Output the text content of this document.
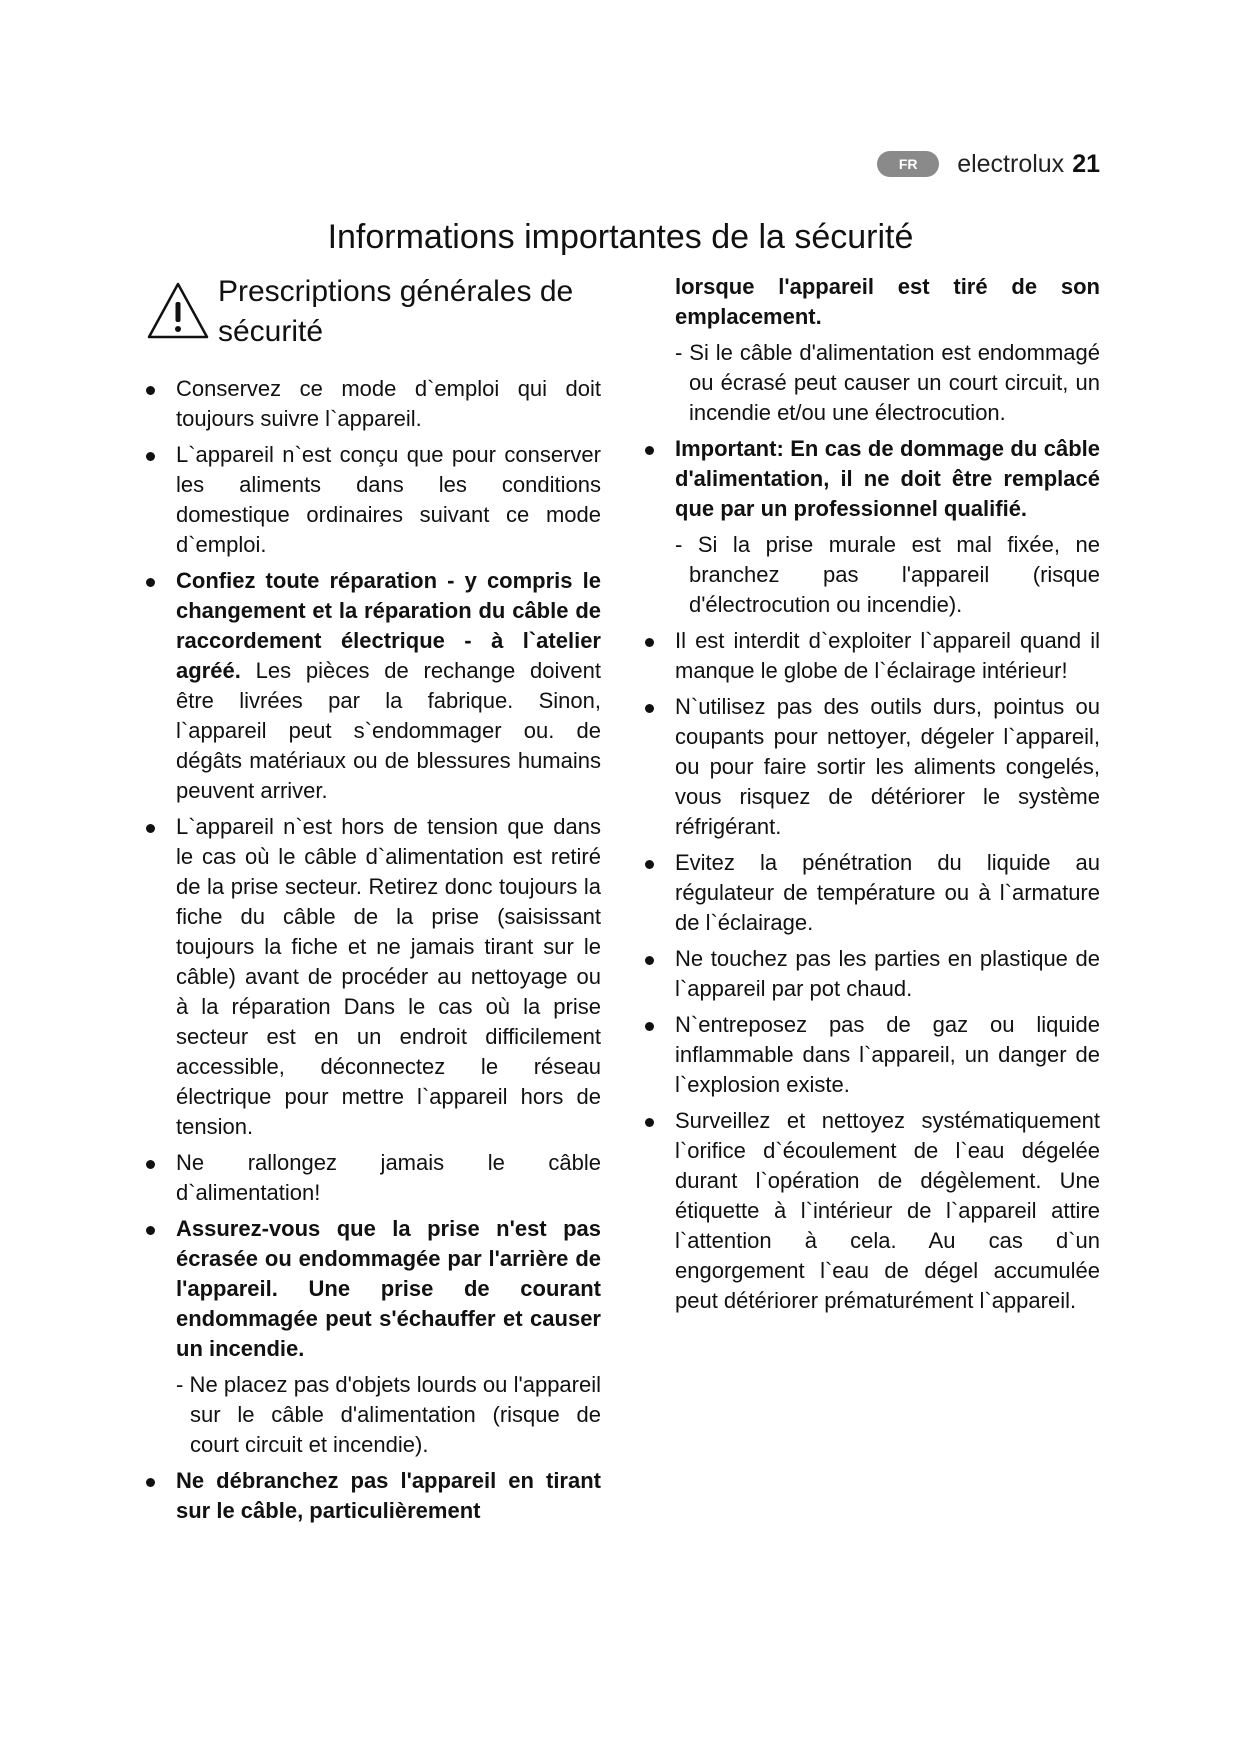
FR	electrolux 21
Informations importantes de la sécurité
Prescriptions générales de sécurité
Conservez ce mode d`emploi qui doit toujours suivre l`appareil.
L`appareil n`est conçu que pour conserver les aliments dans les conditions domestique ordinaires suivant ce mode d`emploi.
Confiez toute réparation - y compris le changement et la réparation du câble de raccordement électrique - à l`atelier agréé. Les pièces de rechange doivent être livrées par la fabrique. Sinon, l`appareil peut s`endommager ou. de dégâts matériaux ou de blessures humains peuvent arriver.
L`appareil n`est hors de tension que dans le cas où le câble d`alimentation est retiré de la prise secteur. Retirez donc toujours la fiche du câble de la prise (saisissant toujours la fiche et ne jamais tirant sur le câble) avant de procéder au nettoyage ou à la réparation Dans le cas où la prise secteur est en un endroit difficilement accessible, déconnectez le réseau électrique pour mettre l`appareil hors de tension.
Ne rallongez jamais le câble d`alimentation!
Assurez-vous que la prise n'est pas écrasée ou endommagée par l'arrière de l'appareil. Une prise de courant endommagée peut s'échauffer et causer un incendie.
- Ne placez pas d'objets lourds ou l'appareil sur le câble d'alimentation (risque de court circuit et incendie).
Ne débranchez pas l'appareil en tirant sur le câble, particulièrement
lorsque l'appareil est tiré de son emplacement.
- Si le câble d'alimentation est endommagé ou écrasé peut causer un court circuit, un incendie et/ou une électrocution.
Important: En cas de dommage du câble d'alimentation, il ne doit être remplacé que par un professionnel qualifié.
- Si la prise murale est mal fixée, ne branchez pas l'appareil (risque d'électrocution ou incendie).
Il est interdit d`exploiter l`appareil quand il manque le globe de l`éclairage intérieur!
N`utilisez pas des outils durs, pointus ou coupants pour nettoyer, dégeler l`appareil, ou pour faire sortir les aliments congelés, vous risquez de détériorer le système réfrigérant.
Evitez la pénétration du liquide au régulateur de température ou à l`armature de l`éclairage.
Ne touchez pas les parties en plastique de l`appareil par pot chaud.
N`entreposez pas de gaz ou liquide inflammable dans l`appareil, un danger de l`explosion existe.
Surveillez et nettoyez systématiquement l`orifice d`écoulement de l`eau dégelée durant l`opération de dégèlement. Une étiquette à l`intérieur de l`appareil attire l`attention à cela. Au cas d`un engorgement l`eau de dégel accumulée peut détériorer prématurément l`appareil.
